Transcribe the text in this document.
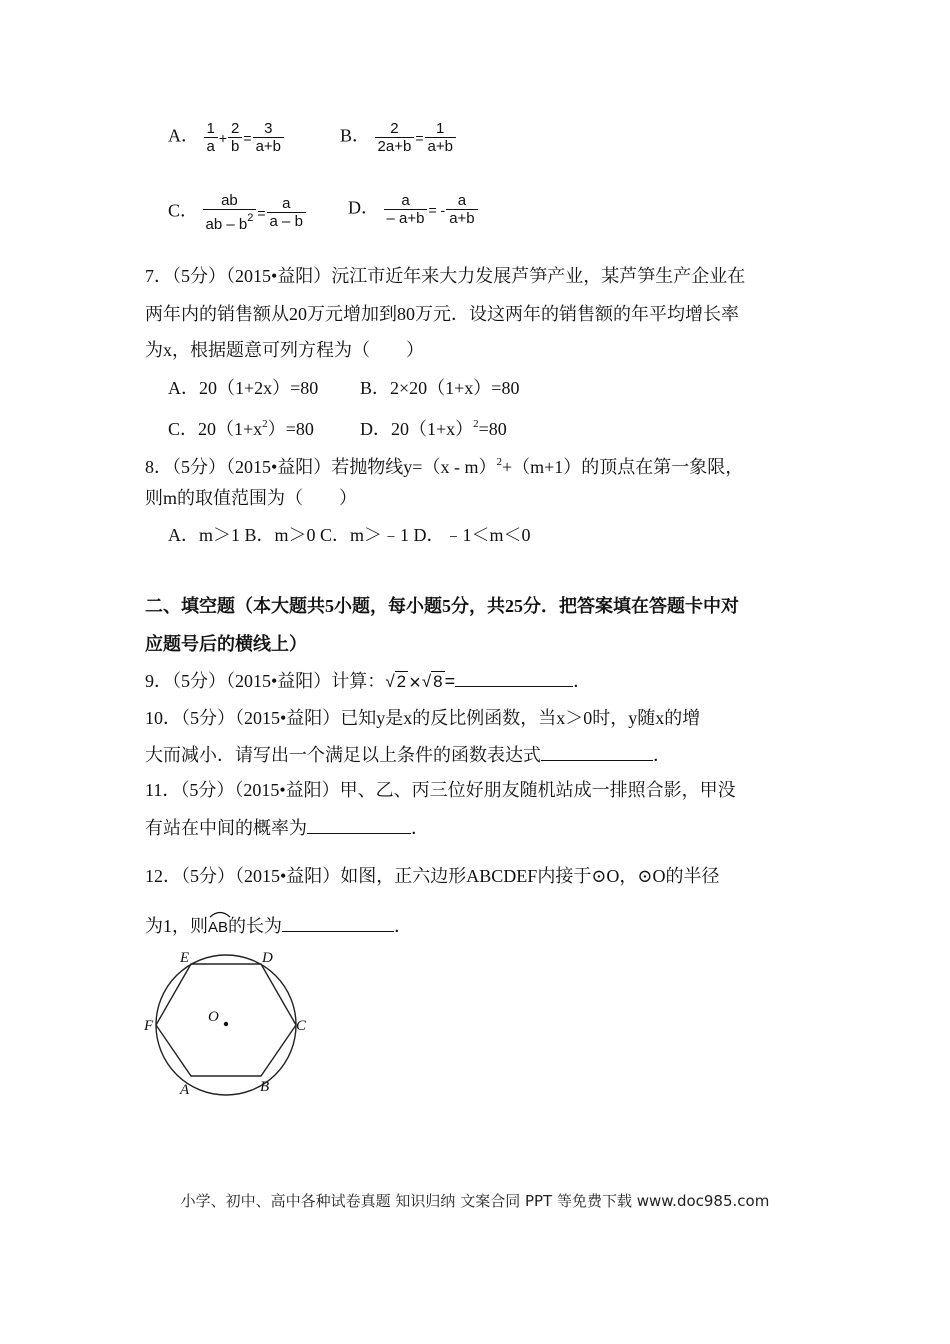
A． $\frac{1}{a} + \frac{2}{b} = \frac{3}{a+b}$	B． $\frac{2}{2a+b} = \frac{1}{a+b}$
C． $\frac{ab}{ab - b^2} = \frac{a}{a - b}$ D． $\frac{a}{- a+b}$ = - $\frac{a}{a+b}$
7．（5分）（2015•益阳）沅江市近年来大力发展芦笋产业，某芦笋生产企业在
两年内的销售额从20万元增加到80万元．设这两年的销售额的年平均增长率
为x，根据题意可列方程为（　　）
A．20（1+2x）=80 B．2×20（1+x）=80
C．$20(1+x^2)=80$	D．$20(1+x)^2=80$
8．（5分）（2015•益阳）若抛物线y=（x - m）$^2$+（m+1）的顶点在第一象限，
则m的取值范围为（　　）
A．m＞1 B．m＞0 C．m＞﹣1 D．﹣1＜m＜0
二、填空题（本大题共5小题，每小题5分，共25分．把答案填在答题卡中对
应题号后的横线上）
9．（5分）（2015•益阳）计算：√ 2 ×√ 8 =	．
10．（5分）（2015•益阳）已知y是x的反比例函数，当x＞0时，y随x的增
大而减小．请写出一个满足以上条件的函数表达式	．
11．（5分）（2015•益阳）甲、乙、丙三位好朋友随机站成一排照合影，甲没
有站在中间的概率为	．
12．（5分）（2015•益阳）如图，正六边形ABCDEF内接于⊙O，⊙O的半径
为1，则
AB的长为	．
E	D
F	C
A	B
O
小学、初中、高中各种试卷真题 知识归纳 文案合同 PPT 等免费下载 www.doc985.com
